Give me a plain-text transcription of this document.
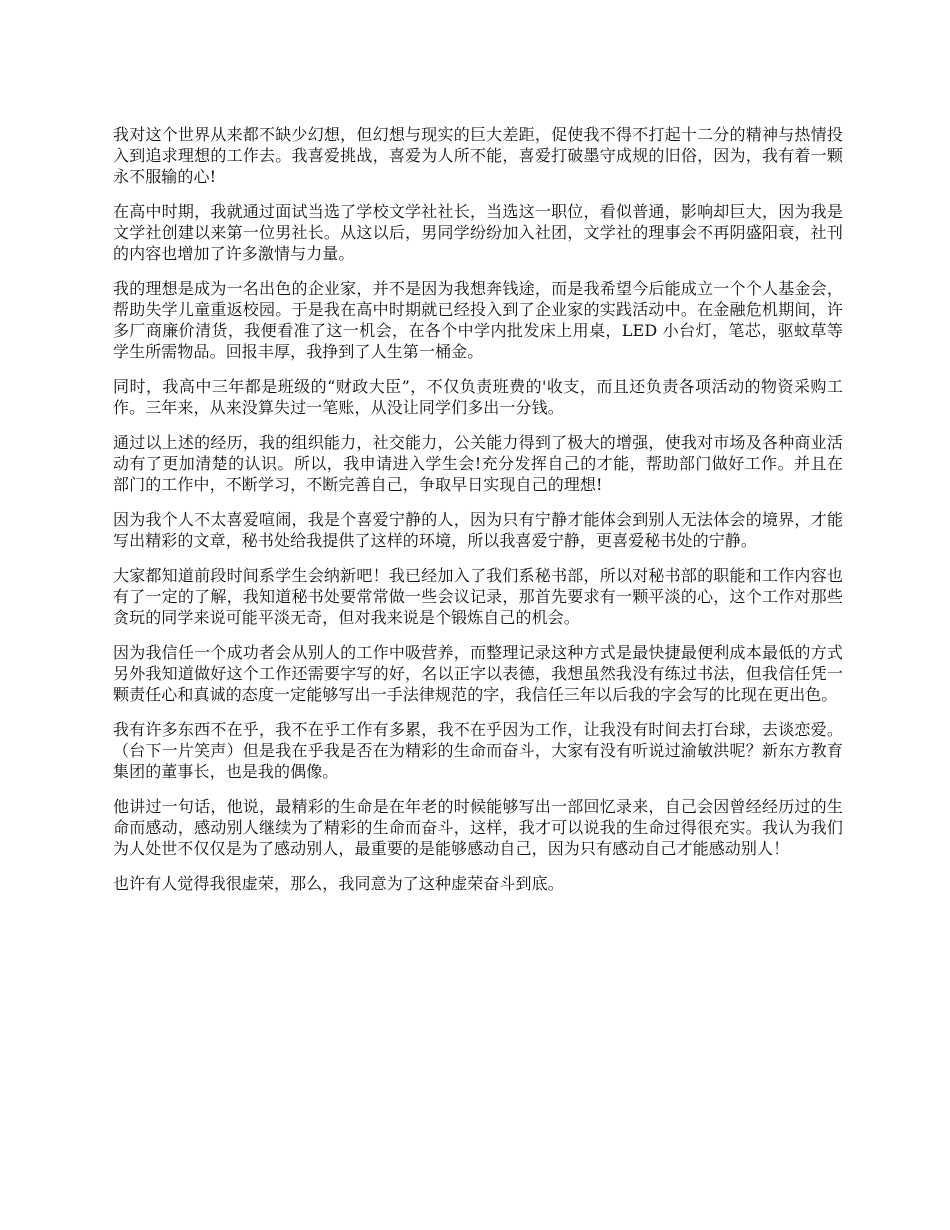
我对这个世界从来都不缺少幻想，但幻想与现实的巨大差距，促使我不得不打起十二分的精神与热情投入到追求理想的工作去。我喜爱挑战，喜爱为人所不能，喜爱打破墨守成规的旧俗，因为，我有着一颗永不服输的心!

在高中时期，我就通过面试当选了学校文学社社长，当选这一职位，看似普通，影响却巨大，因为我是文学社创建以来第一位男社长。从这以后，男同学纷纷加入社团，文学社的理事会不再阴盛阳衰，社刊的内容也增加了许多激情与力量。

我的理想是成为一名出色的企业家，并不是因为我想奔钱途，而是我希望今后能成立一个个人基金会，帮助失学儿童重返校园。于是我在高中时期就已经投入到了企业家的实践活动中。在金融危机期间，许多厂商廉价清货，我便看准了这一机会，在各个中学内批发床上用桌，LED 小台灯，笔芯，驱蚊草等学生所需物品。回报丰厚，我挣到了人生第一桶金。

同时，我高中三年都是班级的“财政大臣”，不仅负责班费的'收支，而且还负责各项活动的物资采购工作。三年来，从来没算失过一笔账，从没让同学们多出一分钱。

通过以上述的经历，我的组织能力，社交能力，公关能力得到了极大的增强，使我对市场及各种商业活动有了更加清楚的认识。所以，我申请进入学生会!充分发挥自己的才能，帮助部门做好工作。并且在部门的工作中，不断学习，不断完善自己，争取早日实现自己的理想!

因为我个人不太喜爱喧闹，我是个喜爱宁静的人，因为只有宁静才能体会到别人无法体会的境界，才能写出精彩的文章，秘书处给我提供了这样的环境，所以我喜爱宁静，更喜爱秘书处的宁静。

大家都知道前段时间系学生会纳新吧！我已经加入了我们系秘书部，所以对秘书部的职能和工作内容也有了一定的了解，我知道秘书处要常常做一些会议记录，那首先要求有一颗平淡的心，这个工作对那些贪玩的同学来说可能平淡无奇，但对我来说是个锻炼自己的机会。

因为我信任一个成功者会从别人的工作中吸营养，而整理记录这种方式是最快捷最便利成本最低的方式另外我知道做好这个工作还需要字写的好，名以正字以表德，我想虽然我没有练过书法，但我信任凭一颗责任心和真诚的态度一定能够写出一手法律规范的字，我信任三年以后我的字会写的比现在更出色。

我有许多东西不在乎，我不在乎工作有多累，我不在乎因为工作，让我没有时间去打台球，去谈恋爱。（台下一片笑声）但是我在乎我是否在为精彩的生命而奋斗，大家有没有听说过渝敏洪呢？新东方教育集团的董事长，也是我的偶像。

他讲过一句话，他说，最精彩的生命是在年老的时候能够写出一部回忆录来，自己会因曾经经历过的生命而感动，感动别人继续为了精彩的生命而奋斗，这样，我才可以说我的生命过得很充实。我认为我们为人处世不仅仅是为了感动别人，最重要的是能够感动自己，因为只有感动自己才能感动别人！

也许有人觉得我很虚荣，那么，我同意为了这种虚荣奋斗到底。
